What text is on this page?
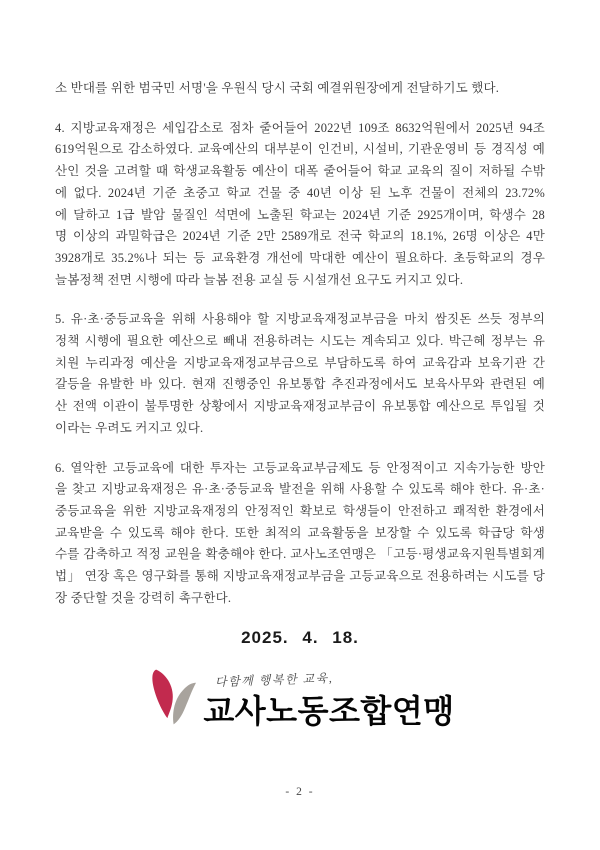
소 반대를 위한 범국민 서명'을 우원식 당시 국회 예결위원장에게 전달하기도 했다.
4. 지방교육재정은 세입감소로 점차 줄어들어 2022년 109조 8632억원에서 2025년 94조
619억원으로 감소하였다. 교육예산의 대부분이 인건비, 시설비, 기관운영비 등 경직성 예
산인 것을 고려할 때 학생교육활동 예산이 대폭 줄어들어 학교 교육의 질이 저하될 수밖
에 없다. 2024년 기준 초중고 학교 건물 중 40년 이상 된 노후 건물이 전체의 23.72%
에 달하고 1급 발암 물질인 석면에 노출된 학교는 2024년 기준 2925개이며, 학생수 28
명 이상의 과밀학급은 2024년 기준 2만 2589개로 전국 학교의 18.1%, 26명 이상은 4만
3928개로 35.2%나 되는 등 교육환경 개선에 막대한 예산이 필요하다. 초등학교의 경우
늘봄정책 전면 시행에 따라 늘봄 전용 교실 등 시설개선 요구도 커지고 있다.
5. 유·초·중등교육을 위해 사용해야 할 지방교육재정교부금을 마치 쌈짓돈 쓰듯 정부의
정책 시행에 필요한 예산으로 빼내 전용하려는 시도는 계속되고 있다. 박근혜 정부는 유
치원 누리과정 예산을 지방교육재정교부금으로 부담하도록 하여 교육감과 보육기관 간
갈등을 유발한 바 있다. 현재 진행중인 유보통합 추진과정에서도 보육사무와 관련된 예
산 전액 이관이 불투명한 상황에서 지방교육재정교부금이 유보통합 예산으로 투입될 것
이라는 우려도 커지고 있다.
6. 열악한 고등교육에 대한 투자는 고등교육교부금제도 등 안정적이고 지속가능한 방안
을 찾고 지방교육재정은 유·초·중등교육 발전을 위해 사용할 수 있도록 해야 한다. 유·초·
중등교육을 위한 지방교육재정의 안정적인 확보로 학생들이 안전하고 쾌적한 환경에서
교육받을 수 있도록 해야 한다. 또한 최적의 교육활동을 보장할 수 있도록 학급당 학생
수를 감축하고 적정 교원을 확충해야 한다. 교사노조연맹은 「고등·평생교육지원특별회계
법」 연장 혹은 영구화를 통해 지방교육재정교부금을 고등교육으로 전용하려는 시도를 당
장 중단할 것을 강력히 촉구한다.
2025. 4. 18.
다함께 행복한 교육,
교사노동조합연맹
- 2 -
